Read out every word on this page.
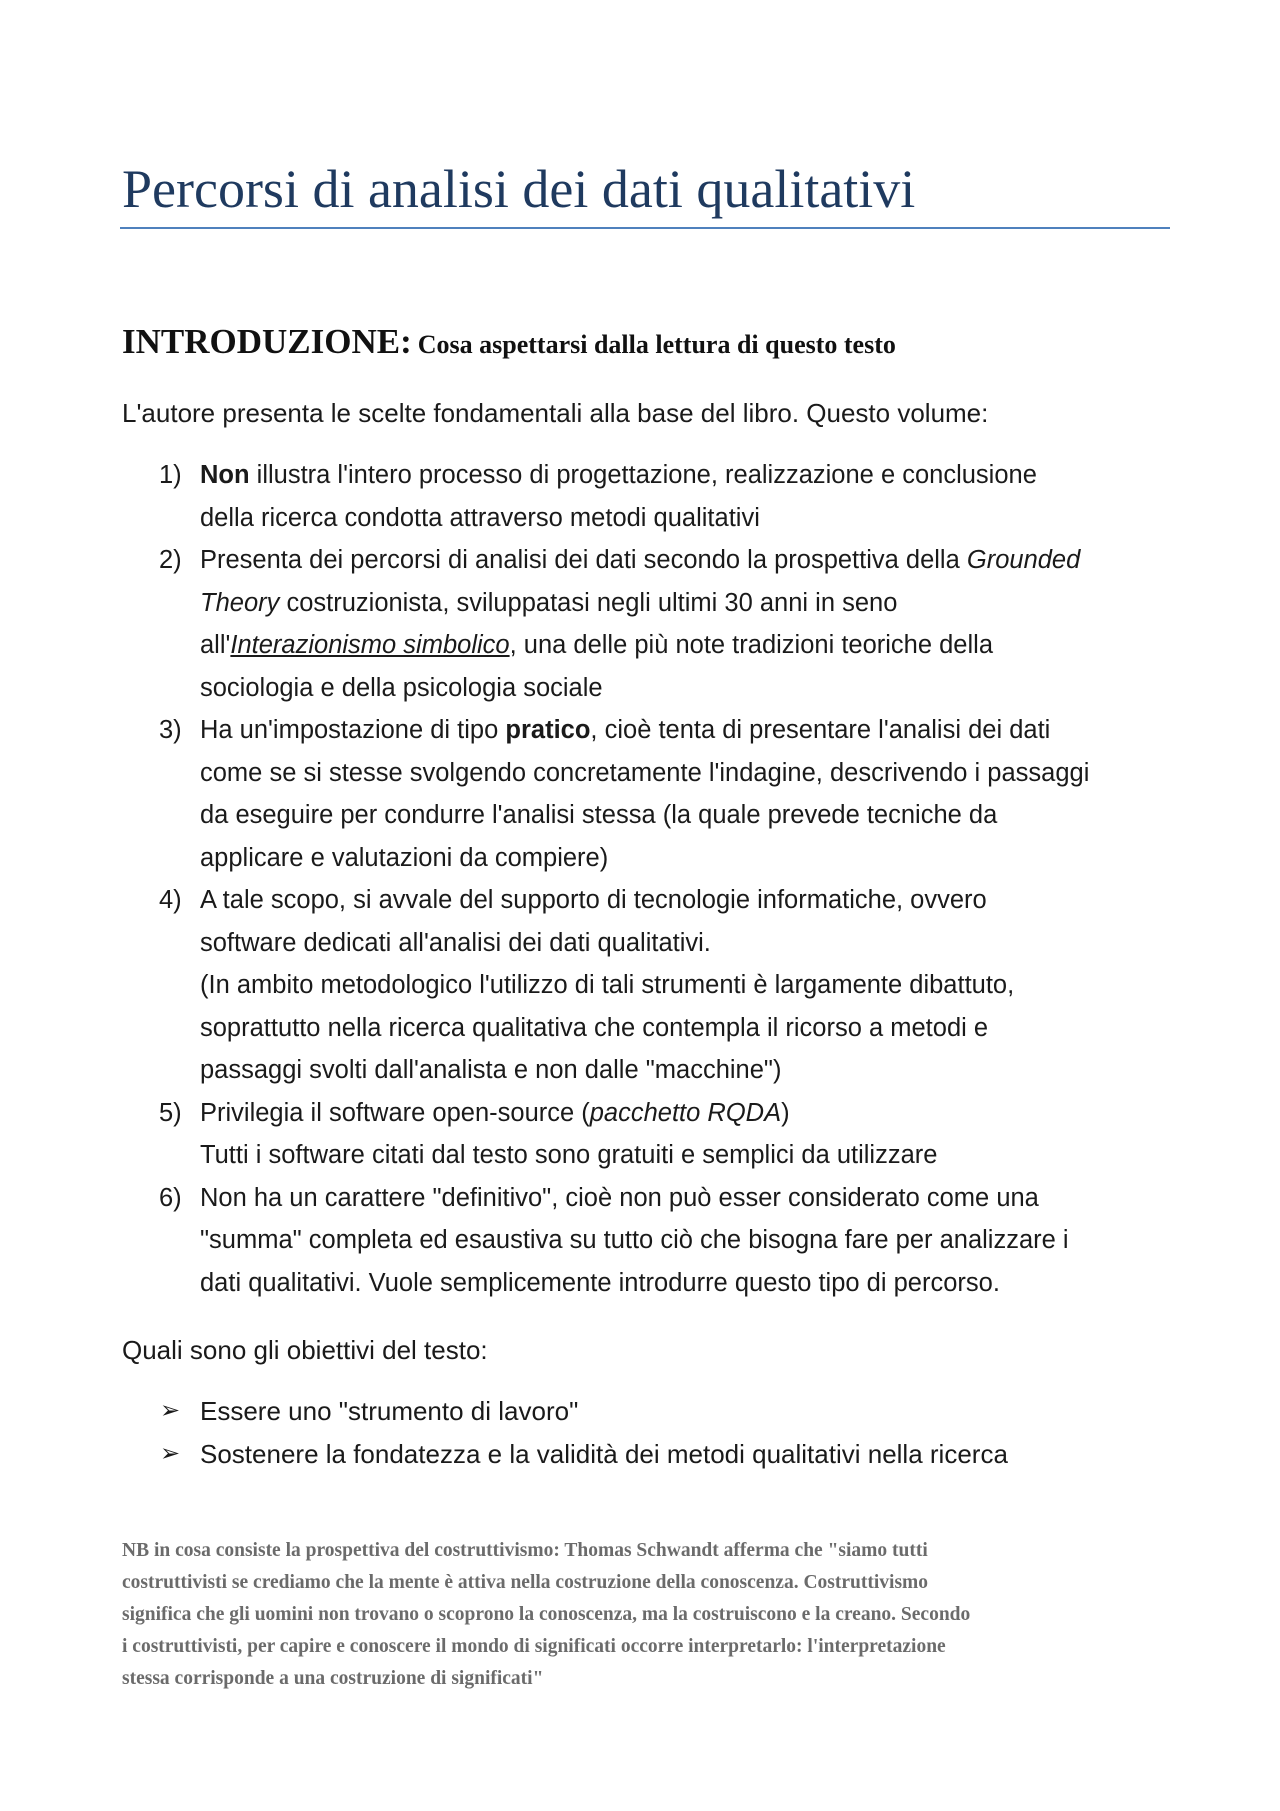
Percorsi di analisi dei dati qualitativi
INTRODUZIONE: Cosa aspettarsi dalla lettura di questo testo

L'autore presenta le scelte fondamentali alla base del libro. Questo volume:

1) Non illustra l'intero processo di progettazione, realizzazione e conclusione
della ricerca condotta attraverso metodi qualitativi
2) Presenta dei percorsi di analisi dei dati secondo la prospettiva della Grounded
Theory costruzionista, sviluppatasi negli ultimi 30 anni in seno
all'Interazionismo simbolico, una delle più note tradizioni teoriche della
sociologia e della psicologia sociale
3) Ha un'impostazione di tipo pratico, cioè tenta di presentare l'analisi dei dati
come se si stesse svolgendo concretamente l'indagine, descrivendo i passaggi
da eseguire per condurre l'analisi stessa (la quale prevede tecniche da
applicare e valutazioni da compiere)
4) A tale scopo, si avvale del supporto di tecnologie informatiche, ovvero
software dedicati all'analisi dei dati qualitativi.
(In ambito metodologico l'utilizzo di tali strumenti è largamente dibattuto,
soprattutto nella ricerca qualitativa che contempla il ricorso a metodi e
passaggi svolti dall'analista e non dalle "macchine")
5) Privilegia il software open-source (pacchetto RQDA)
Tutti i software citati dal testo sono gratuiti e semplici da utilizzare
6) Non ha un carattere "definitivo", cioè non può esser considerato come una
"summa" completa ed esaustiva su tutto ciò che bisogna fare per analizzare i
dati qualitativi. Vuole semplicemente introdurre questo tipo di percorso.

Quali sono gli obiettivi del testo:

➢ Essere uno "strumento di lavoro"
➢ Sostenere la fondatezza e la validità dei metodi qualitativi nella ricerca

NB in cosa consiste la prospettiva del costruttivismo: Thomas Schwandt afferma che "siamo tutti
costruttivisti se crediamo che la mente è attiva nella costruzione della conoscenza. Costruttivismo
significa che gli uomini non trovano o scoprono la conoscenza, ma la costruiscono e la creano. Secondo
i costruttivisti, per capire e conoscere il mondo di significati occorre interpretarlo: l'interpretazione
stessa corrisponde a una costruzione di significati"
